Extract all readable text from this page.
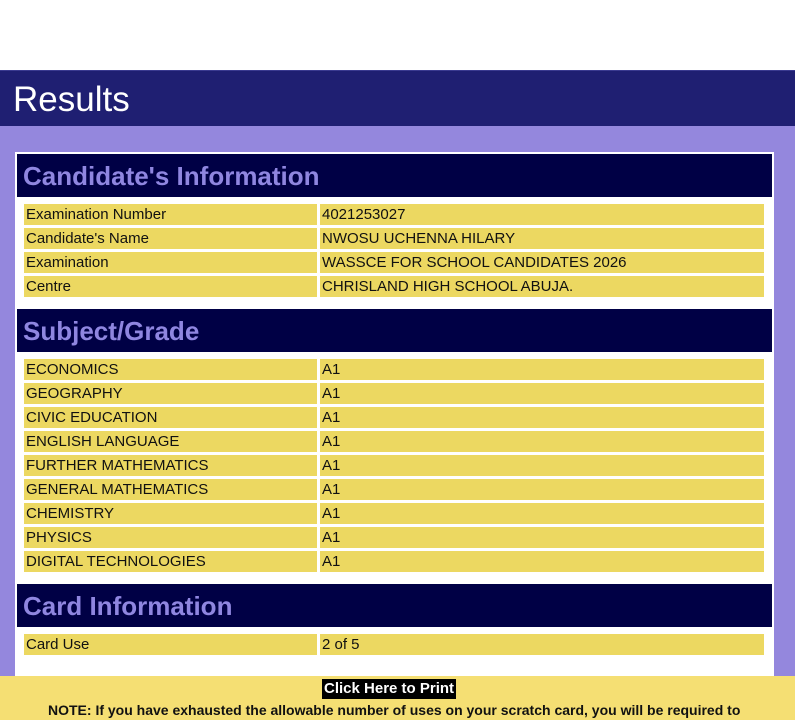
Results
Candidate's Information
Examination Number	4021253027
Candidate's Name	NWOSU UCHENNA HILARY
Examination	WASSCE FOR SCHOOL CANDIDATES 2026
Centre	CHRISLAND HIGH SCHOOL ABUJA.
Subject/Grade
ECONOMICS	A1
GEOGRAPHY	A1
CIVIC EDUCATION	A1
ENGLISH LANGUAGE	A1
FURTHER MATHEMATICS	A1
GENERAL MATHEMATICS	A1
CHEMISTRY	A1
PHYSICS	A1
DIGITAL TECHNOLOGIES	A1
Card Information
Card Use	2 of 5
Click Here to Print
NOTE: If you have exhausted the allowable number of uses on your scratch card, you will be required to
